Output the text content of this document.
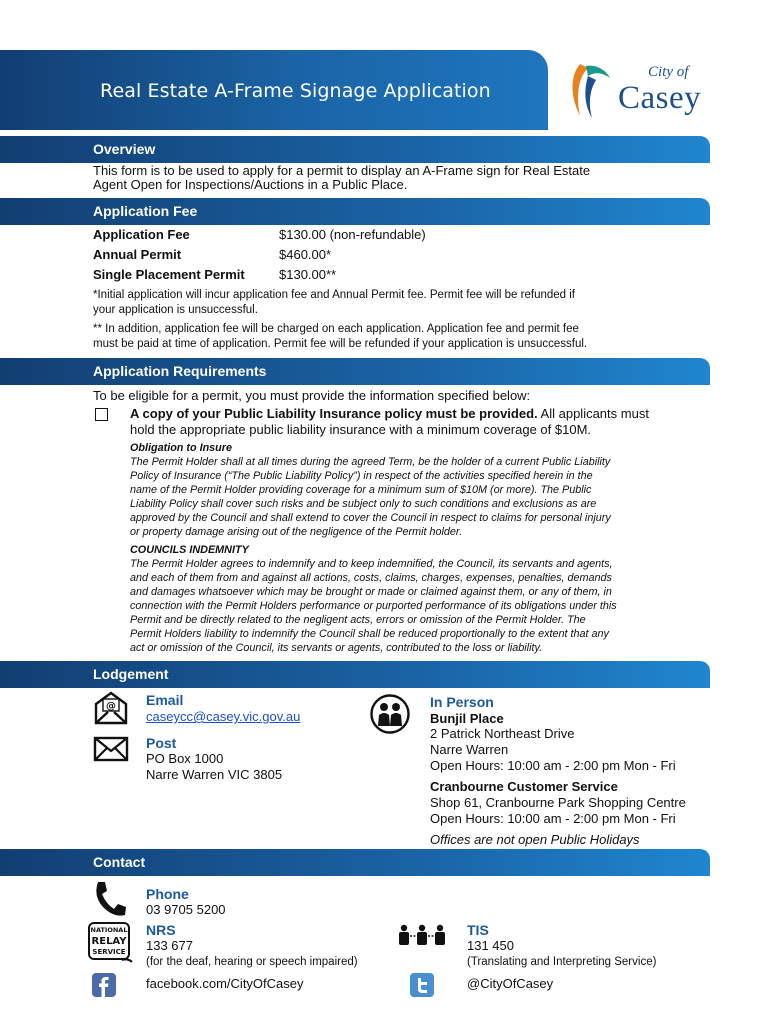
Real Estate A-Frame Signage Application
City of
Casey
Overview
This form is to be used to apply for a permit to display an A-Frame sign for Real Estate
Agent Open for Inspections/Auctions in a Public Place.
Application Fee
Application Fee	$130.00 (non-refundable)
Annual Permit	$460.00*
Single Placement Permit	$130.00**
*Initial application will incur application fee and Annual Permit fee. Permit fee will be refunded if
your application is unsuccessful.
** In addition, application fee will be charged on each application. Application fee and permit fee
must be paid at time of application. Permit fee will be refunded if your application is unsuccessful.
Application Requirements
To be eligible for a permit, you must provide the information specified below:
A copy of your Public Liability Insurance policy must be provided. All applicants must
hold the appropriate public liability insurance with a minimum coverage of $10M.
Obligation to Insure
The Permit Holder shall at all times during the agreed Term, be the holder of a current Public Liability
Policy of Insurance (“The Public Liability Policy”) in respect of the activities specified herein in the
name of the Permit Holder providing coverage for a minimum sum of $10M (or more). The Public
Liability Policy shall cover such risks and be subject only to such conditions and exclusions as are
approved by the Council and shall extend to cover the Council in respect to claims for personal injury
or property damage arising out of the negligence of the Permit holder.
COUNCILS INDEMNITY
The Permit Holder agrees to indemnify and to keep indemnified, the Council, its servants and agents,
and each of them from and against all actions, costs, claims, charges, expenses, penalties, demands
and damages whatsoever which may be brought or made or claimed against them, or any of them, in
connection with the Permit Holders performance or purported performance of its obligations under this
Permit and be directly related to the negligent acts, errors or omission of the Permit Holder. The
Permit Holders liability to indemnify the Council shall be reduced proportionally to the extent that any
act or omission of the Council, its servants or agents, contributed to the loss or liability.
Lodgement
@ Email
caseycc@casey.vic.gov.au
Post
PO Box 1000
Narre Warren VIC 3805
In Person
Bunjil Place
2 Patrick Northeast Drive
Narre Warren
Open Hours: 10:00 am - 2:00 pm Mon - Fri
Cranbourne Customer Service
Shop 61, Cranbourne Park Shopping Centre
Open Hours: 10:00 am - 2:00 pm Mon - Fri
Offices are not open Public Holidays
Contact
Phone
03 9705 5200
NATIONAL
RELAY
SERVICE
NRS
133 677
(for the deaf, hearing or speech impaired)
TIS
131 450
(Translating and Interpreting Service)
facebook.com/CityOfCasey	@CityOfCasey
